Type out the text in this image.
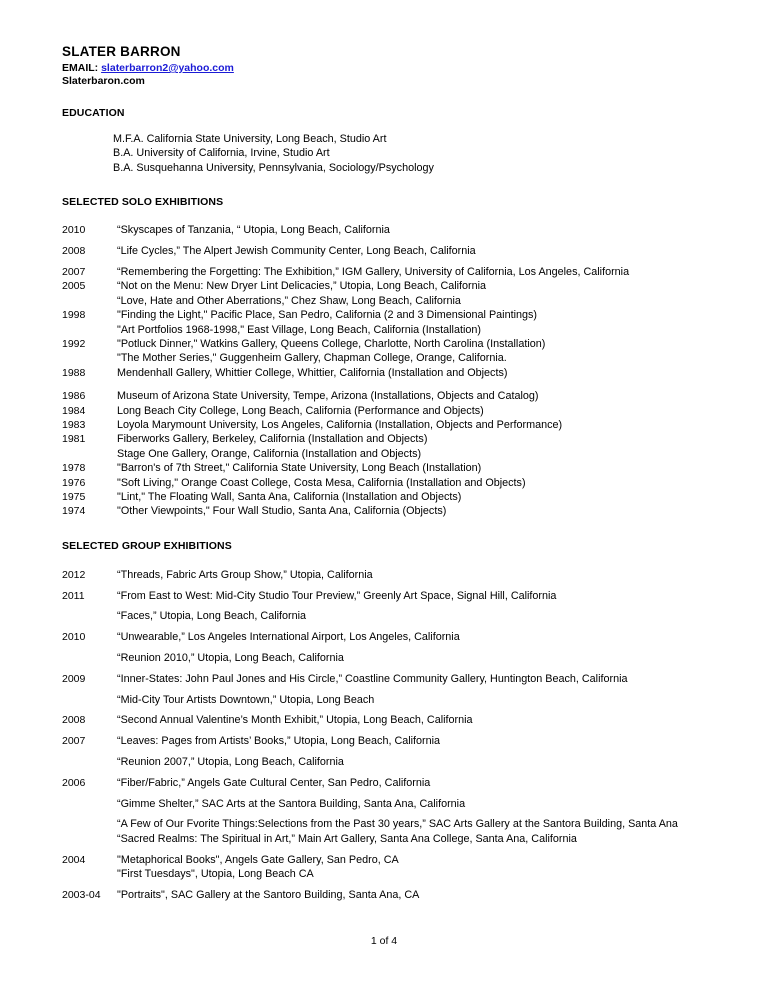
SLATER BARRON
EMAIL: slaterbarron2@yahoo.com
Slaterbaron.com
EDUCATION
M.F.A. California State University, Long Beach, Studio Art
B.A. University of California, Irvine, Studio Art
B.A. Susquehanna University, Pennsylvania, Sociology/Psychology
SELECTED SOLO EXHIBITIONS
2010	“Skyscapes of Tanzania, “ Utopia, Long Beach, California
2008	“Life Cycles,” The Alpert Jewish Community Center, Long Beach, California
2007	“Remembering the Forgetting: The Exhibition,” IGM Gallery, University of California, Los Angeles, California
2005	“Not on the Menu: New Dryer Lint Delicacies,” Utopia, Long Beach, California
“Love, Hate and Other Aberrations,” Chez Shaw, Long Beach, California
1998	"Finding the Light," Pacific Place, San Pedro, California (2 and 3 Dimensional Paintings)
"Art Portfolios 1968-1998," East Village, Long Beach, California (Installation)
1992	"Potluck Dinner," Watkins Gallery, Queens College, Charlotte, North Carolina (Installation)
"The Mother Series," Guggenheim Gallery, Chapman College, Orange, California.
1988	Mendenhall Gallery, Whittier College, Whittier, California (Installation and Objects)
1986	Museum of Arizona State University, Tempe, Arizona (Installations, Objects and Catalog)
1984	Long Beach City College, Long Beach, California (Performance and Objects)
1983	Loyola Marymount University, Los Angeles, California (Installation, Objects and Performance)
1981	Fiberworks Gallery, Berkeley, California (Installation and Objects)
Stage One Gallery, Orange, California (Installation and Objects)
1978	"Barron's of 7th Street," California State University, Long Beach (Installation)
1976	"Soft Living," Orange Coast College, Costa Mesa, California (Installation and Objects)
1975	"Lint," The Floating Wall, Santa Ana, California (Installation and Objects)
1974	"Other Viewpoints," Four Wall Studio, Santa Ana, California (Objects)
SELECTED GROUP EXHIBITIONS
2012	“Threads, Fabric Arts Group Show,” Utopia, California
2011	“From East to West: Mid-City Studio Tour Preview,” Greenly Art Space, Signal Hill, California
“Faces,” Utopia, Long Beach, California
2010	“Unwearable,” Los Angeles International Airport, Los Angeles, California
“Reunion 2010,” Utopia, Long Beach, California
2009	“Inner-States: John Paul Jones and His Circle,” Coastline Community Gallery, Huntington Beach, California
“Mid-City Tour Artists Downtown,” Utopia, Long Beach
2008	“Second Annual Valentine’s Month Exhibit,” Utopia, Long Beach, California
2007	“Leaves: Pages from Artists’ Books,” Utopia, Long Beach, California
“Reunion 2007,” Utopia, Long Beach, California
2006	“Fiber/Fabric,” Angels Gate Cultural Center, San Pedro, California
“Gimme Shelter,” SAC Arts at the Santora Building, Santa Ana, California
“A Few of Our Fvorite Things:Selections from the Past 30 years,” SAC Arts Gallery at the Santora Building, Santa Ana
“Sacred Realms: The Spiritual in Art,” Main Art Gallery, Santa Ana College, Santa Ana, California
2004	"Metaphorical Books", Angels Gate Gallery, San Pedro, CA
"First Tuesdays", Utopia, Long Beach CA
2003-04	"Portraits", SAC Gallery at the Santoro Building, Santa Ana, CA
1 of 4
